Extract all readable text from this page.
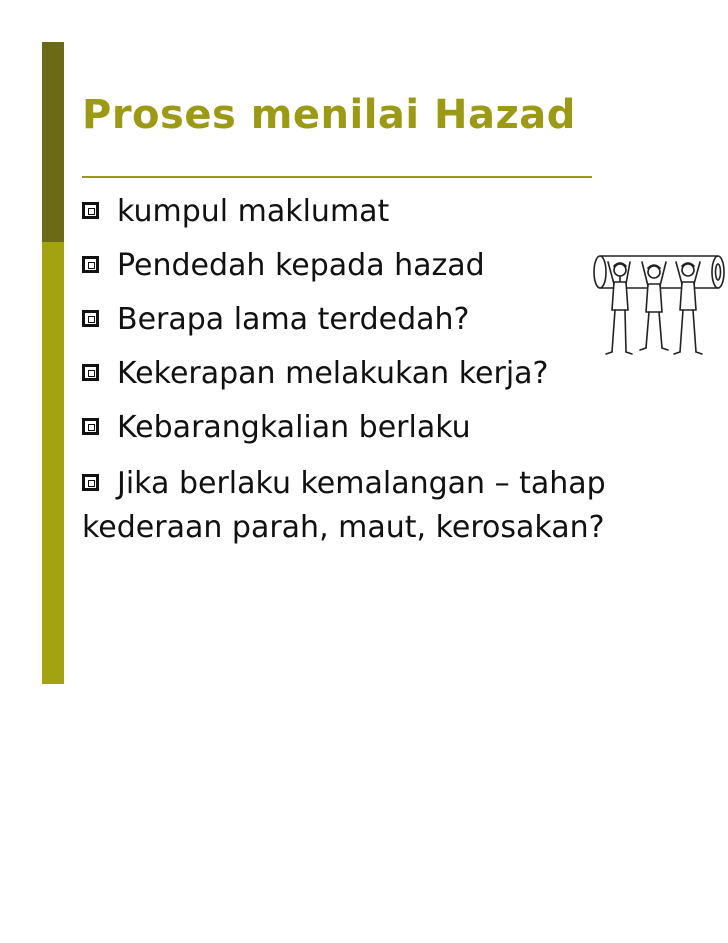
Proses menilai Hazad
kumpul maklumat
Pendedah kepada hazad
Berapa lama terdedah?
Kekerapan melakukan kerja?
Kebarangkalian berlaku
Jika berlaku kemalangan – tahap
kederaan parah, maut, kerosakan?
